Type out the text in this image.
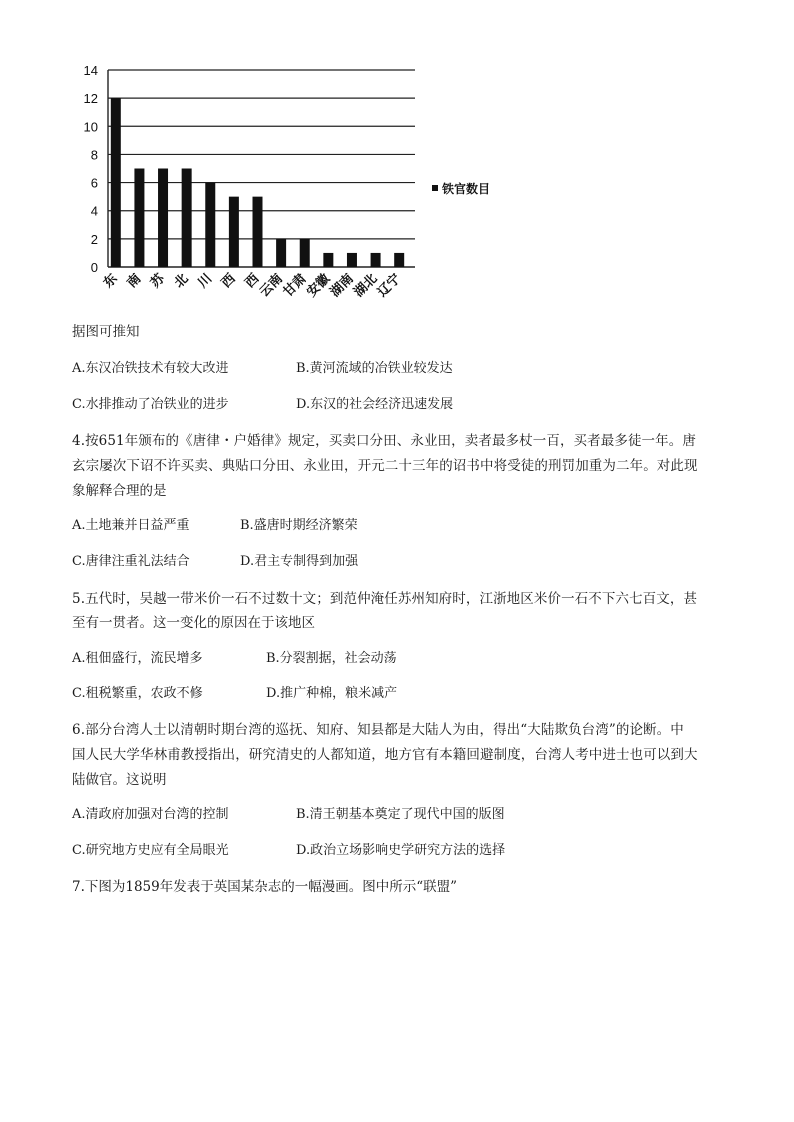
0
2
4
6
8
10
12
14
东 南 苏 北 川 西 西
云南
甘肃
安徽
湖南
湖北
辽宁
铁官数目
据图可推知
A.东汉冶铁技术有较大改进	B.黄河流域的冶铁业较发达
C.水排推动了冶铁业的进步	D.东汉的社会经济迅速发展
4.按651年颁布的《唐律・户婚律》规定，买卖口分田、永业田，卖者最多杖一百，买者最多徒一年。唐
玄宗屡次下诏不许买卖、典贴口分田、永业田，开元二十三年的诏书中将受徒的刑罚加重为二年。对此现
象解释合理的是
A.土地兼并日益严重	B.盛唐时期经济繁荣
C.唐律注重礼法结合	D.君主专制得到加强
5.五代时，吴越一带米价一石不过数十文；到范仲淹任苏州知府时，江浙地区米价一石不下六七百文，甚
至有一贯者。这一变化的原因在于该地区
A.租佃盛行，流民增多	B.分裂割据，社会动荡
C.租税繁重，农政不修	D.推广种棉，粮米减产
6.部分台湾人士以清朝时期台湾的巡抚、知府、知县都是大陆人为由，得出“大陆欺负台湾”的论断。中
国人民大学华林甫教授指出，研究清史的人都知道，地方官有本籍回避制度，台湾人考中进士也可以到大
陆做官。这说明
A.清政府加强对台湾的控制	B.清王朝基本奠定了现代中国的版图
C.研究地方史应有全局眼光	D.政治立场影响史学研究方法的选择
7.下图为1859年发表于英国某杂志的一幅漫画。图中所示“联盟”
